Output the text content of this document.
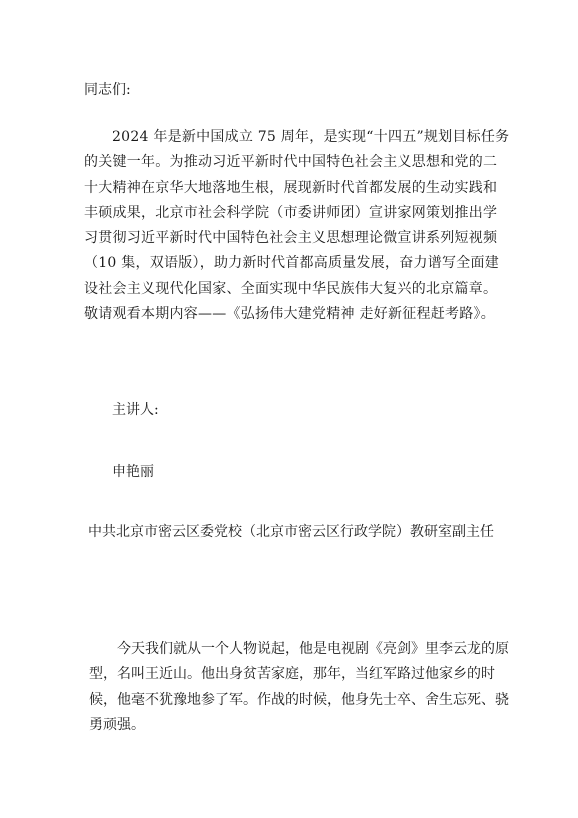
同志们:

2024 年是新中国成立 75 周年，是实现“十四五”规划目标任务的关键一年。为推动习近平新时代中国特色社会主义思想和党的二十大精神在京华大地落地生根，展现新时代首都发展的生动实践和丰硕成果，北京市社会科学院（市委讲师团）宣讲家网策划推出学习贯彻习近平新时代中国特色社会主义思想理论微宣讲系列短视频（10 集，双语版），助力新时代首都高质量发展，奋力谱写全面建设社会主义现代化国家、全面实现中华民族伟大复兴的北京篇章。敬请观看本期内容——《弘扬伟大建党精神 走好新征程赶考路》。

主讲人:

申艳丽

中共北京市密云区委党校（北京市密云区行政学院）教研室副主任

今天我们就从一个人物说起，他是电视剧《亮剑》里李云龙的原型，名叫王近山。他出身贫苦家庭，那年，当红军路过他家乡的时候，他毫不犹豫地参了军。作战的时候，他身先士卒、舍生忘死、骁勇顽强。
